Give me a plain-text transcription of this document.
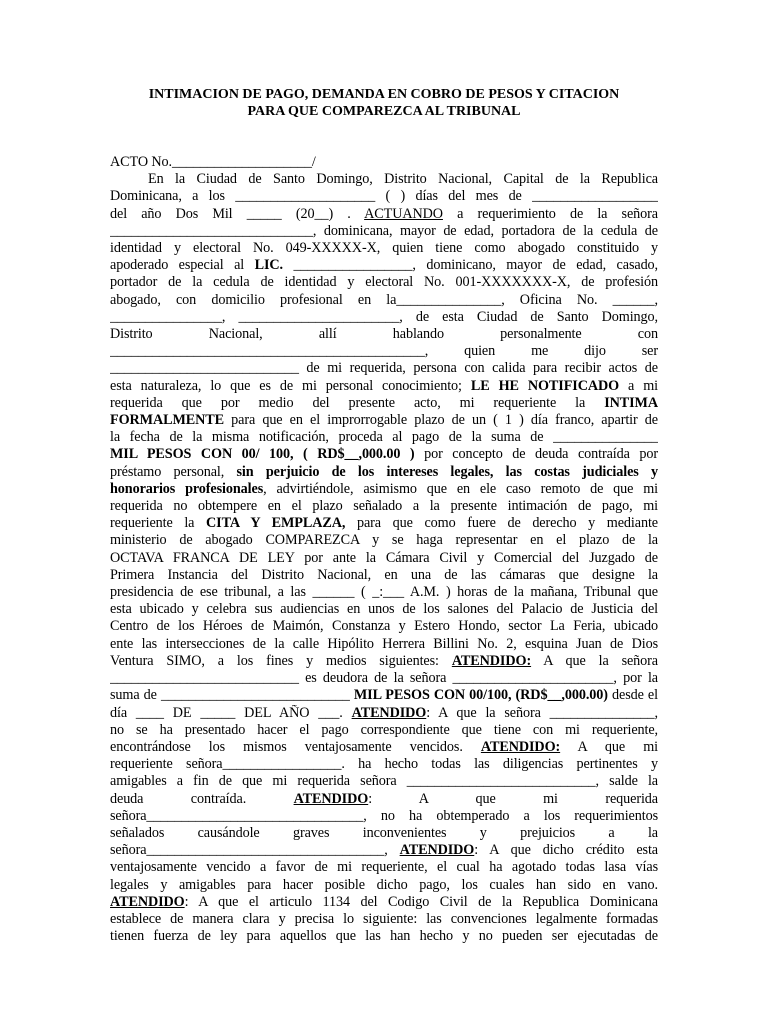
INTIMACION DE PAGO, DEMANDA EN COBRO DE PESOS Y CITACION
PARA QUE COMPAREZCA AL TRIBUNAL
ACTO No.____________________/
En la Ciudad de Santo Domingo, Distrito Nacional, Capital de la Republica
Dominicana, a los ____________________ ( ) días del mes de __________________
del año Dos Mil _____ (20__) . ACTUANDO a requerimiento de la señora
_____________________________, dominicana, mayor de edad, portadora de la cedula de
identidad y electoral No. 049-XXXXX-X, quien tiene como abogado constituido y
apoderado especial al LIC. _________________, dominicano, mayor de edad, casado,
portador de la cedula de identidad y electoral No. 001-XXXXXXX-X, de profesión
abogado, con domicilio profesional en la_______________, Oficina No. ______,
________________, _______________________, de esta Ciudad de Santo Domingo,
Distrito Nacional, allí hablando personalmente con
_____________________________________________, quien me dijo ser
___________________________ de mi requerida, persona con calida para recibir actos de
esta naturaleza, lo que es de mi personal conocimiento; LE HE NOTIFICADO a mi
requerida que por medio del presente acto, mi requeriente la INTIMA
FORMALMENTE para que en el improrrogable plazo de un ( 1 ) día franco, apartir de
la fecha de la misma notificación, proceda al pago de la suma de _______________
MIL PESOS CON 00/ 100, ( RD$__,000.00 ) por concepto de deuda contraída por
préstamo personal, sin perjuicio de los intereses legales, las costas judiciales y
honorarios profesionales, advirtiéndole, asimismo que en ele caso remoto de que mi
requerida no obtempere en el plazo señalado a la presente intimación de pago, mi
requeriente la CITA Y EMPLAZA, para que como fuere de derecho y mediante
ministerio de abogado COMPAREZCA y se haga representar en el plazo de la
OCTAVA FRANCA DE LEY por ante la Cámara Civil y Comercial del Juzgado de
Primera Instancia del Distrito Nacional, en una de las cámaras que designe la
presidencia de ese tribunal, a las ______ ( _:___ A.M. ) horas de la mañana, Tribunal que
esta ubicado y celebra sus audiencias en unos de los salones del Palacio de Justicia del
Centro de los Héroes de Maimón, Constanza y Estero Hondo, sector La Feria, ubicado
ente las intersecciones de la calle Hipólito Herrera Billini No. 2, esquina Juan de Dios
Ventura SIMO, a los fines y medios siguientes: ATENDIDO: A que la señora
___________________________ es deudora de la señora _______________________, por la
suma de ___________________________ MIL PESOS CON 00/100, (RD$__,000.00) desde el
día ____ DE _____ DEL AÑO ___. ATENDIDO: A que la señora _______________,
no se ha presentado hacer el pago correspondiente que tiene con mi requeriente,
encontrándose los mismos ventajosamente vencidos. ATENDIDO: A que mi
requeriente señora_________________. ha hecho todas las diligencias pertinentes y
amigables a fin de que mi requerida señora ___________________________, salde la
deuda contraída. ATENDIDO: A que mi requerida
señora_______________________________, no ha obtemperado a los requerimientos
señalados causándole graves inconvenientes y prejuicios a la
señora__________________________________, ATENDIDO: A que dicho crédito esta
ventajosamente vencido a favor de mi requeriente, el cual ha agotado todas lasa vías
legales y amigables para hacer posible dicho pago, los cuales han sido en vano.
ATENDIDO: A que el articulo 1134 del Codigo Civil de la Republica Dominicana
establece de manera clara y precisa lo siguiente: las convenciones legalmente formadas
tienen fuerza de ley para aquellos que las han hecho y no pueden ser ejecutadas de
